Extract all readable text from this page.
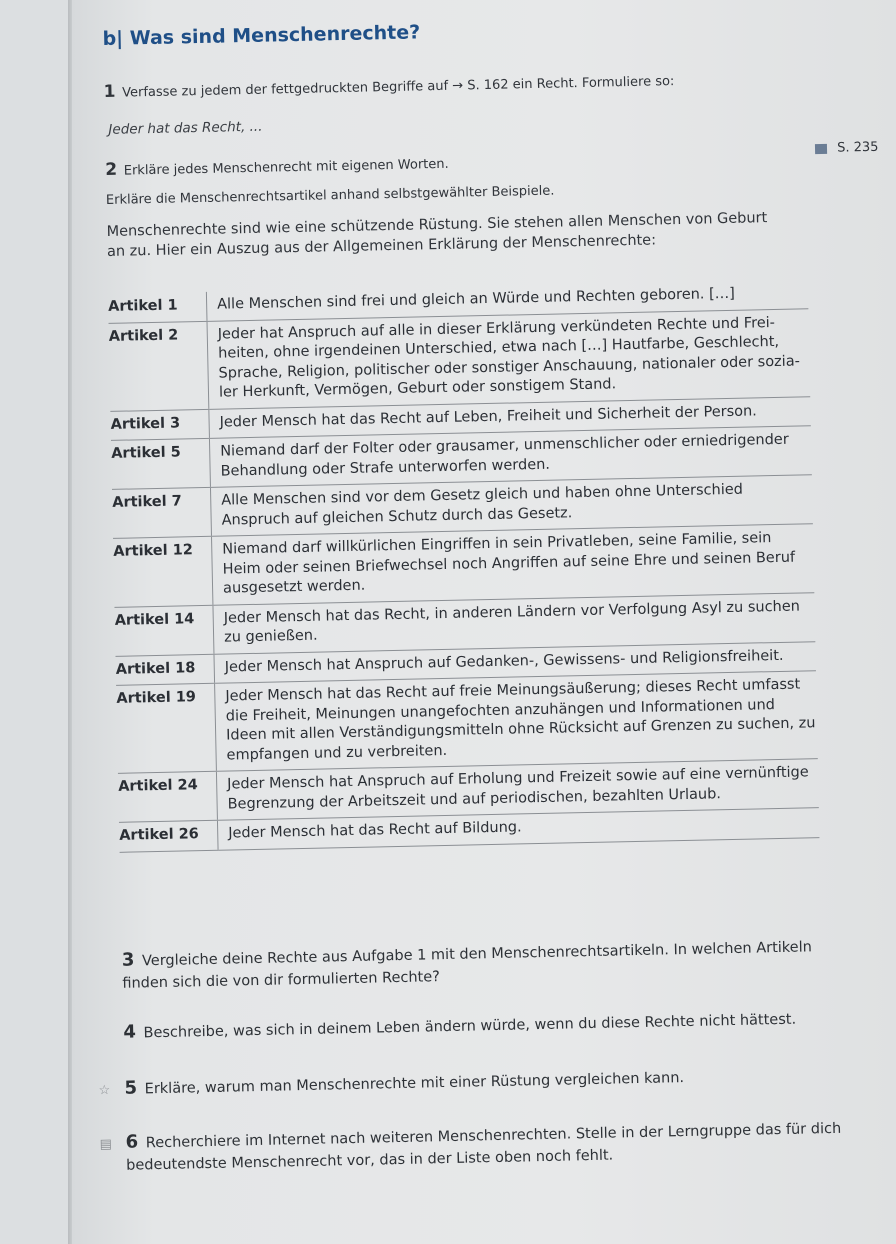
b| Was sind Menschenrechte?
1 Verfasse zu jedem der fettgedruckten Begriffe auf → S. 162 ein Recht. Formuliere so:
Jeder hat das Recht, ...
2 Erkläre jedes Menschenrecht mit eigenen Worten.
S. 235
Erkläre die Menschenrechtsartikel anhand selbstgewählter Beispiele.
Menschenrechte sind wie eine schützende Rüstung. Sie stehen allen Menschen von Geburt an zu. Hier ein Auszug aus der Allgemeinen Erklärung der Menschenrechte:
Artikel 1	Alle Menschen sind frei und gleich an Würde und Rechten geboren. […]
Artikel 2	Jeder hat Anspruch auf alle in dieser Erklärung verkündeten Rechte und Frei-heiten, ohne irgendeinen Unterschied, etwa nach […] Hautfarbe, Geschlecht, Sprache, Religion, politischer oder sonstiger Anschauung, nationaler oder sozia-ler Herkunft, Vermögen, Geburt oder sonstigem Stand.
Artikel 3	Jeder Mensch hat das Recht auf Leben, Freiheit und Sicherheit der Person.
Artikel 5	Niemand darf der Folter oder grausamer, unmenschlicher oder erniedrigender Behandlung oder Strafe unterworfen werden.
Artikel 7	Alle Menschen sind vor dem Gesetz gleich und haben ohne Unterschied Anspruch auf gleichen Schutz durch das Gesetz.
Artikel 12	Niemand darf willkürlichen Eingriffen in sein Privatleben, seine Familie, sein Heim oder seinen Briefwechsel noch Angriffen auf seine Ehre und seinen Beruf ausgesetzt werden.
Artikel 14	Jeder Mensch hat das Recht, in anderen Ländern vor Verfolgung Asyl zu suchen zu genießen.
Artikel 18	Jeder Mensch hat Anspruch auf Gedanken-, Gewissens- und Religionsfreiheit.
Artikel 19	Jeder Mensch hat das Recht auf freie Meinungsäußerung; dieses Recht umfasst die Freiheit, Meinungen unangefochten anzuhängen und Informationen und Ideen mit allen Verständigungsmitteln ohne Rücksicht auf Grenzen zu suchen, zu empfangen und zu verbreiten.
Artikel 24	Jeder Mensch hat Anspruch auf Erholung und Freizeit sowie auf eine vernünftige Begrenzung der Arbeitszeit und auf periodischen, bezahlten Urlaub.
Artikel 26	Jeder Mensch hat das Recht auf Bildung.
3 Vergleiche deine Rechte aus Aufgabe 1 mit den Menschenrechtsartikeln. In welchen Artikeln finden sich die von dir formulierten Rechte?
4 Beschreibe, was sich in deinem Leben ändern würde, wenn du diese Rechte nicht hättest.
☆ 5 Erkläre, warum man Menschenrechte mit einer Rüstung vergleichen kann.
▤ 6 Recherchiere im Internet nach weiteren Menschenrechten. Stelle in der Lerngruppe das für dich bedeutendste Menschenrecht vor, das in der Liste oben noch fehlt.
